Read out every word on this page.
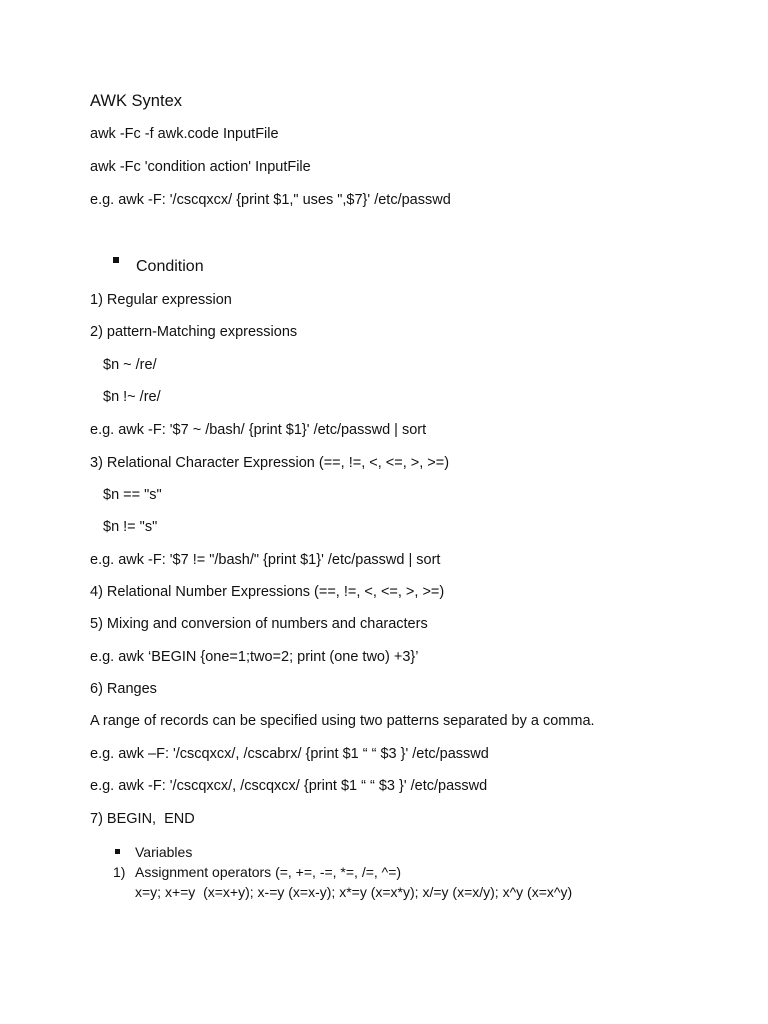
AWK Syntex
awk -Fc -f awk.code InputFile
awk -Fc 'condition action' InputFile
e.g. awk -F: '/cscqxcx/ {print $1," uses ",$7}' /etc/passwd
Condition
1) Regular expression
2) pattern-Matching expressions
$n ~ /re/
$n !~ /re/
e.g. awk -F: '$7 ~ /bash/ {print $1}' /etc/passwd | sort
3) Relational Character Expression (==, !=, <, <=, >, >=)
$n == "s"
$n != "s"
e.g. awk -F: '$7 != "/bash/" {print $1}' /etc/passwd | sort
4) Relational Number Expressions (==, !=, <, <=, >, >=)
5) Mixing and conversion of numbers and characters
e.g. awk ‘BEGIN {one=1;two=2; print (one two) +3}’
6) Ranges
A range of records can be specified using two patterns separated by a comma.
e.g. awk –F: '/cscqxcx/, /cscabrx/ {print $1 “ “ $3 }' /etc/passwd
e.g. awk -F: '/cscqxcx/, /cscqxcx/ {print $1 “ “ $3 }' /etc/passwd
7) BEGIN,  END
Variables
1) Assignment operators (=, +=, -=, *=, /=, ^=)
x=y; x+=y  (x=x+y); x-=y (x=x-y); x*=y (x=x*y); x/=y (x=x/y); x^y (x=x^y)
